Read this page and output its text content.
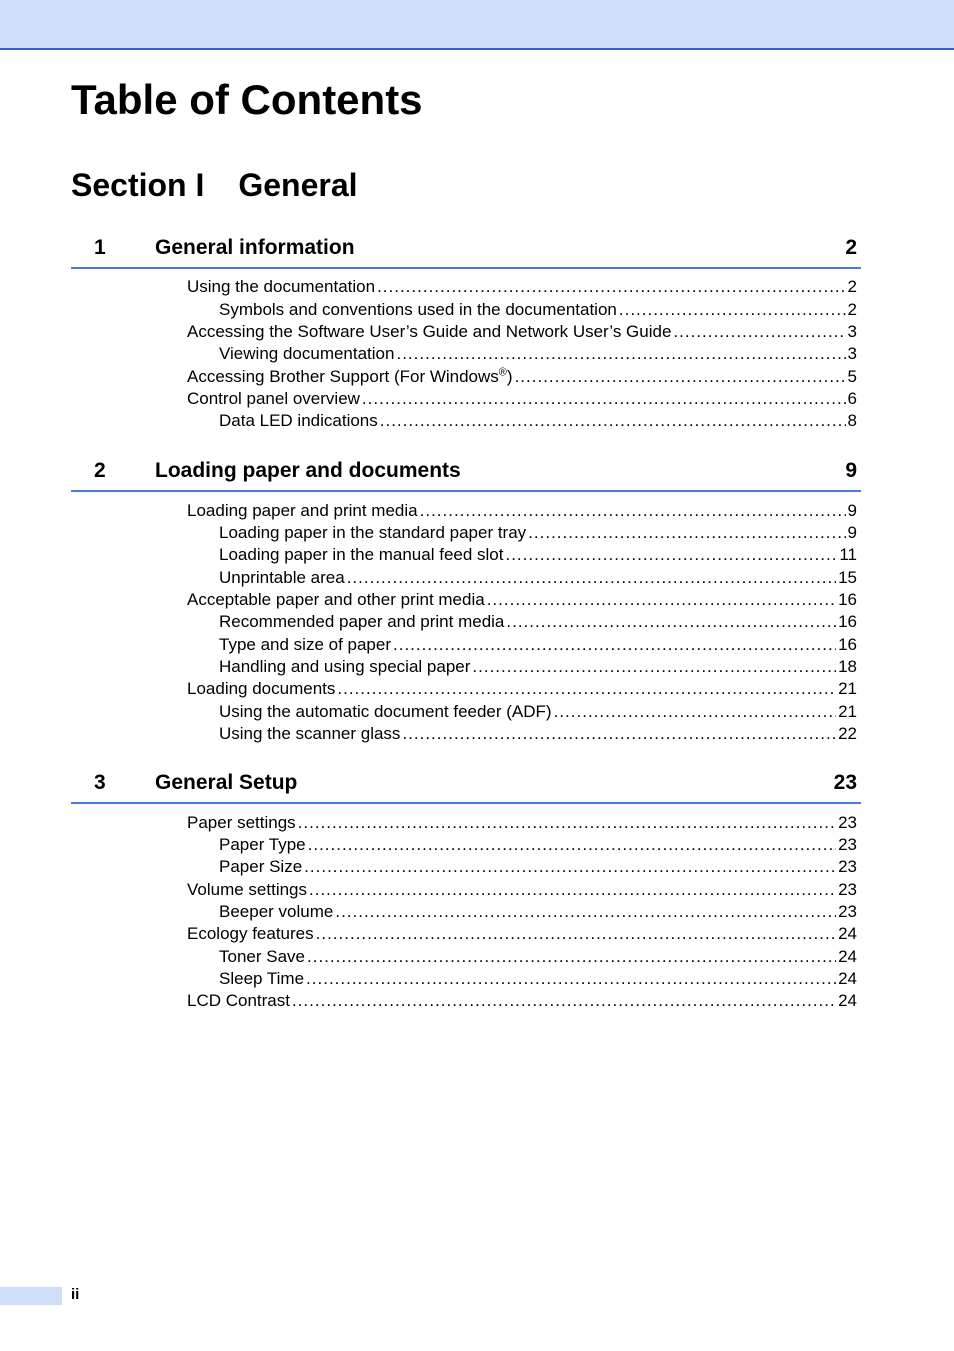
Table of Contents
Section I General
1 General information	2
Using the documentation .....	2
Symbols and conventions used in the documentation .....	2
Accessing the Software User’s Guide and Network User’s Guide .....	3
Viewing documentation .....	3
Accessing Brother Support (For Windows®) .....	5
Control panel overview .....	6
Data LED indications .....	8
2 Loading paper and documents	9
Loading paper and print media .....	9
Loading paper in the standard paper tray .....	9
Loading paper in the manual feed slot .....	11
Unprintable area .....	15
Acceptable paper and other print media .....	16
Recommended paper and print media .....	16
Type and size of paper .....	16
Handling and using special paper .....	18
Loading documents .....	21
Using the automatic document feeder (ADF) .....	21
Using the scanner glass .....	22
3 General Setup	23
Paper settings .....	23
Paper Type .....	23
Paper Size .....	23
Volume settings .....	23
Beeper volume .....	23
Ecology features .....	24
Toner Save .....	24
Sleep Time .....	24
LCD Contrast .....	24
ii
